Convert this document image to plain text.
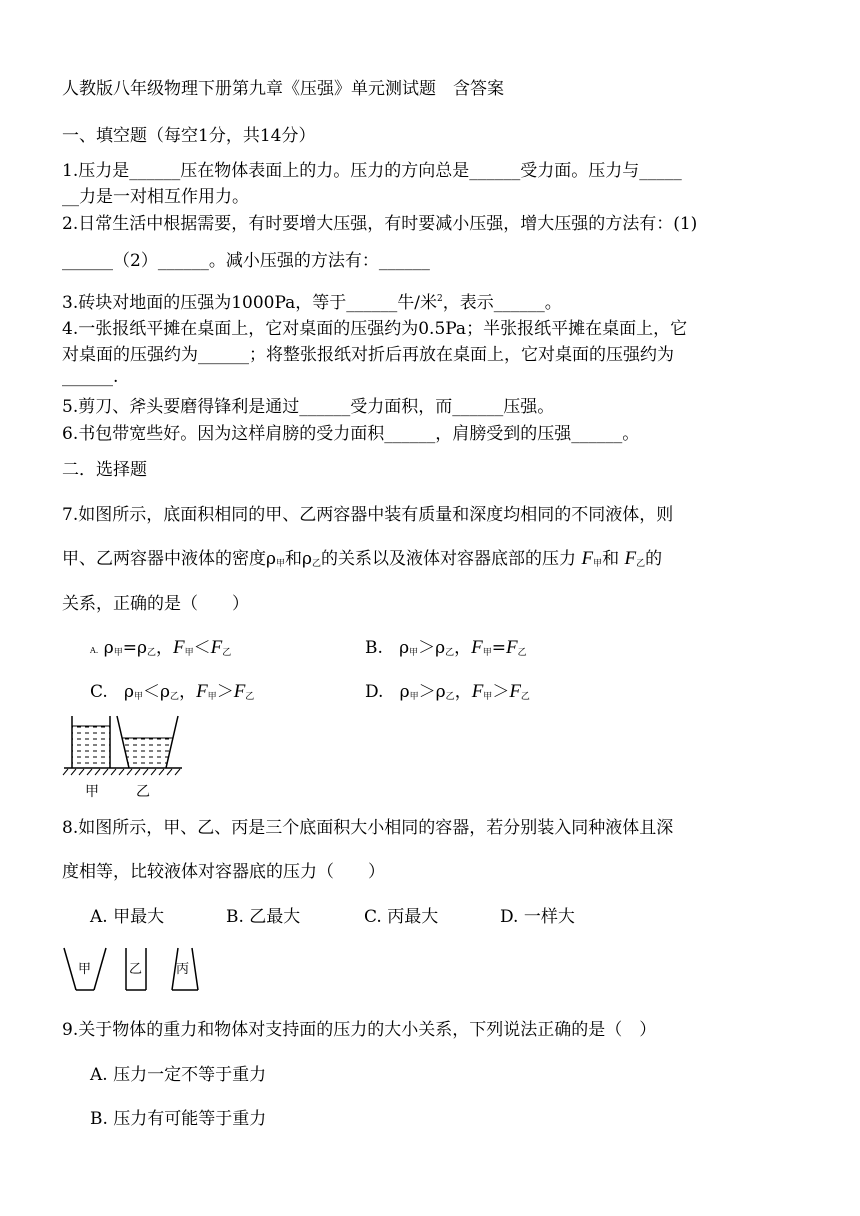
人教版八年级物理下册第九章《压强》单元测试题　含答案
一、填空题（每空1分，共14分）
1.压力是______压在物体表面上的力。压力的方向总是______受力面。压力与_____
__力是一对相互作用力。
2.日常生活中根据需要，有时要增大压强，有时要减小压强，增大压强的方法有：(1)
______（2）______。减小压强的方法有：______
3.砖块对地面的压强为1000Pa，等于______牛/米$^2$，表示______。
4.一张报纸平摊在桌面上，它对桌面的压强约为0.5Pa；半张报纸平摊在桌面上，它
对桌面的压强约为______；将整张报纸对折后再放在桌面上，它对桌面的压强约为
______.
5.剪刀、斧头要磨得锋利是通过______受力面积，而______压强。
6.书包带宽些好。因为这样肩膀的受力面积______，肩膀受到的压强______。
二．选择题
7.如图所示，底面积相同的甲、乙两容器中装有质量和深度均相同的不同液体，则
甲、乙两容器中液体的密度$\rho_甲$和$\rho_乙$的关系以及液体对容器底部的压力 $F_甲$和 $F_乙$的
关系，正确的是（　　）
A. $\rho_甲=\rho_乙$，$F_甲<F_乙$	B. $\rho_甲>\rho_乙$，$F_甲=F_乙$
C. $\rho_甲<\rho_乙$，$F_甲>F_乙$	D. $\rho_甲>\rho_乙$，$F_甲>F_乙$
甲	乙
8.如图所示，甲、乙、丙是三个底面积大小相同的容器，若分别装入同种液体且深
度相等，比较液体对容器底的压力（　　）
A. 甲最大	B. 乙最大	C. 丙最大	D. 一样大
甲	乙	丙
9.关于物体的重力和物体对支持面的压力的大小关系，下列说法正确的是（　）
A. 压力一定不等于重力
B. 压力有可能等于重力
